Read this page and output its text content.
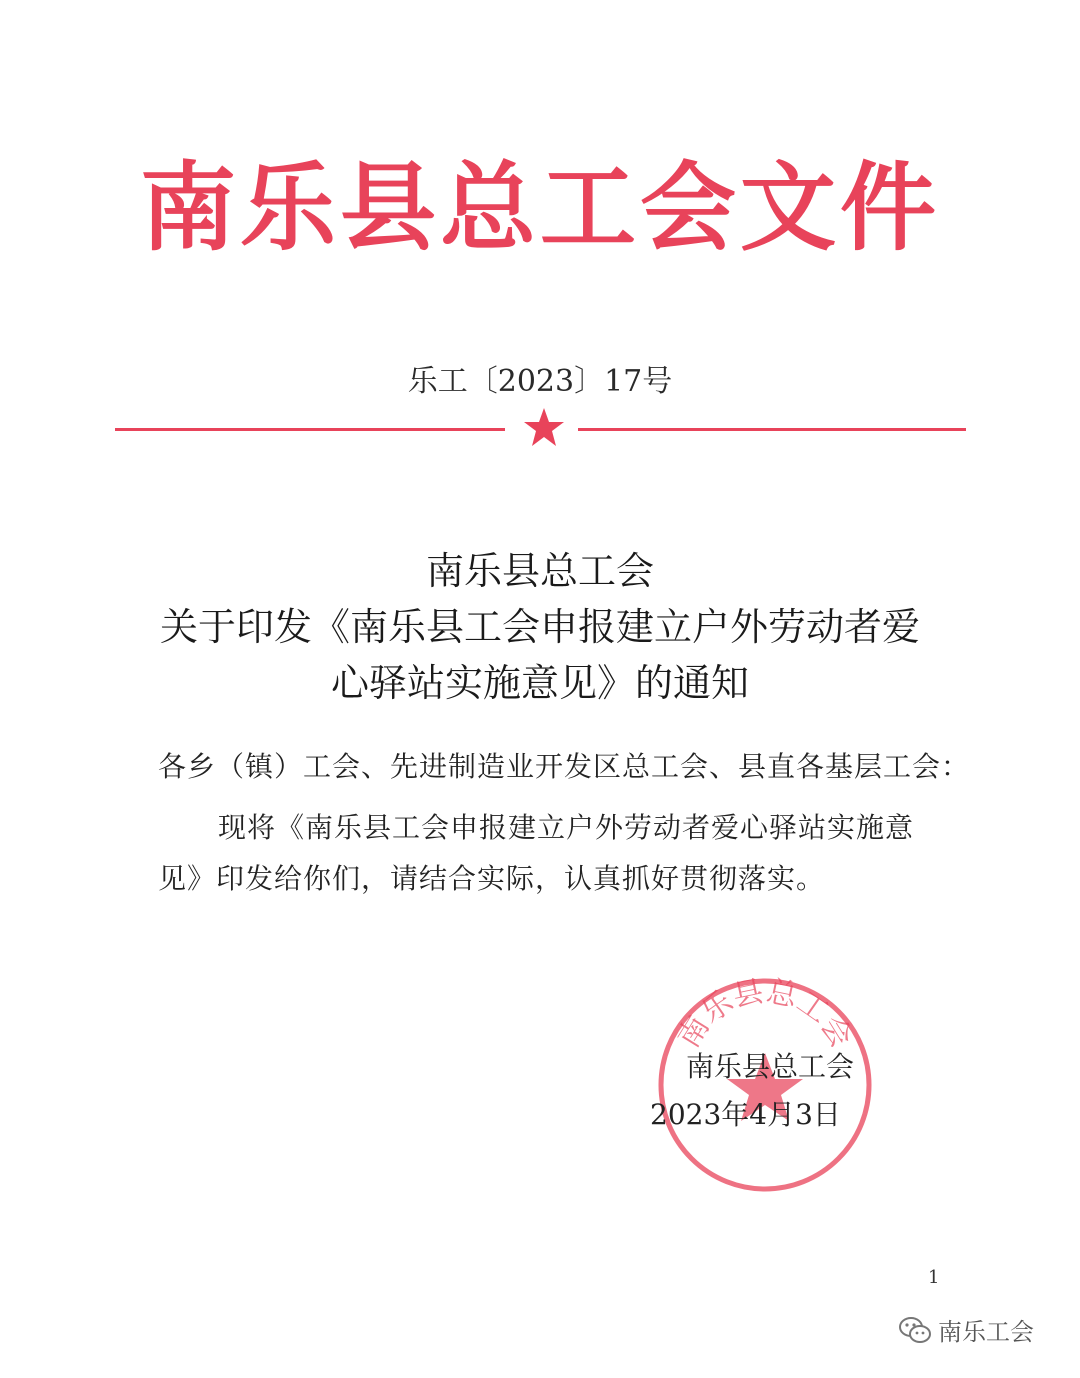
南乐县总工会文件
乐工〔2023〕17号
南乐县总工会
关于印发《南乐县工会申报建立户外劳动者爱
心驿站实施意见》的通知
各乡（镇）工会、先进制造业开发区总工会、县直各基层工会：
现将《南乐县工会申报建立户外劳动者爱心驿站实施意
见》印发给你们，请结合实际，认真抓好贯彻落实。
南乐县总工会
南乐县总工会
2023年4月3日
1
南乐工会
